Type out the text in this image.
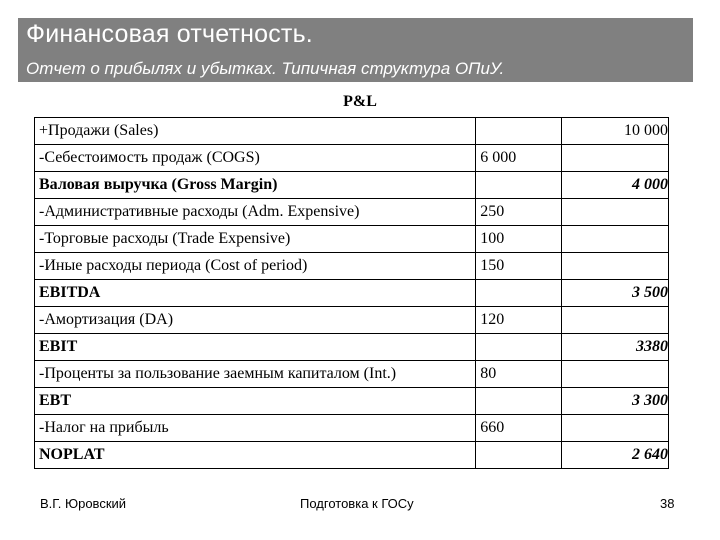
Финансовая отчетность.
Отчет о прибылях и убытках. Типичная структура ОПиУ.
P&L
+Продажи (Sales)		10 000
-Себестоимость продаж (COGS)	6 000	
Валовая выручка (Gross Margin)		4 000
-Административные расходы (Adm. Expensive)	250	
-Торговые расходы (Trade Expensive)	100	
-Иные расходы периода (Cost of period)	150	
EBITDA		3 500
-Амортизация (DA)	120	
EBIT		3380
-Проценты за пользование заемным капиталом (Int.)	80	
EBT		3 300
-Налог на прибыль	660	
NOPLAT		2 640
В.Г. Юровский	Подготовка к ГОСу	38
